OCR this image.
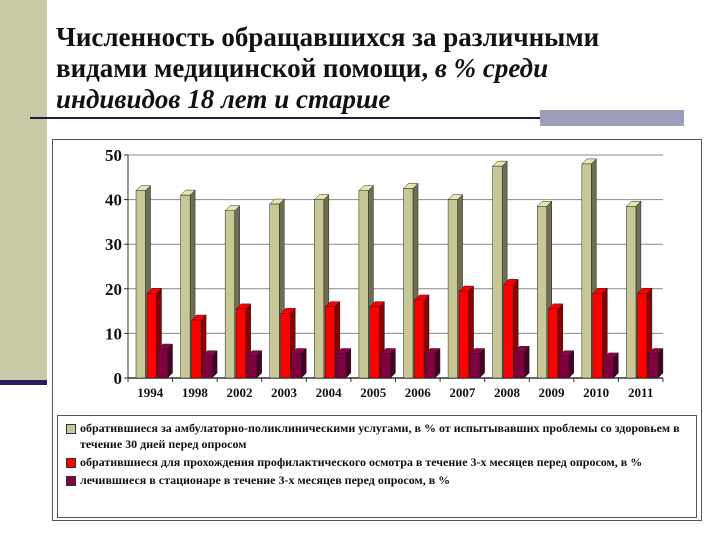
Численность обращавшихся за различными
видами медицинской помощи, в % среди
индивидов 18 лет и старше
0
10
20
30
40
50
1994 1998 2002 2003 2004 2005 2006 2007 2008 2009 2010 2011
обратившиеся за амбулаторно-поликлиническими услугами, в % от испытывавших проблемы со здоровьем в течение 30 дней перед опросом
обратившиеся для прохождения профилактического осмотра в течение 3-х месяцев перед опросом, в %
лечившиеся в стационаре в течение 3-х месяцев перед опросом, в %
